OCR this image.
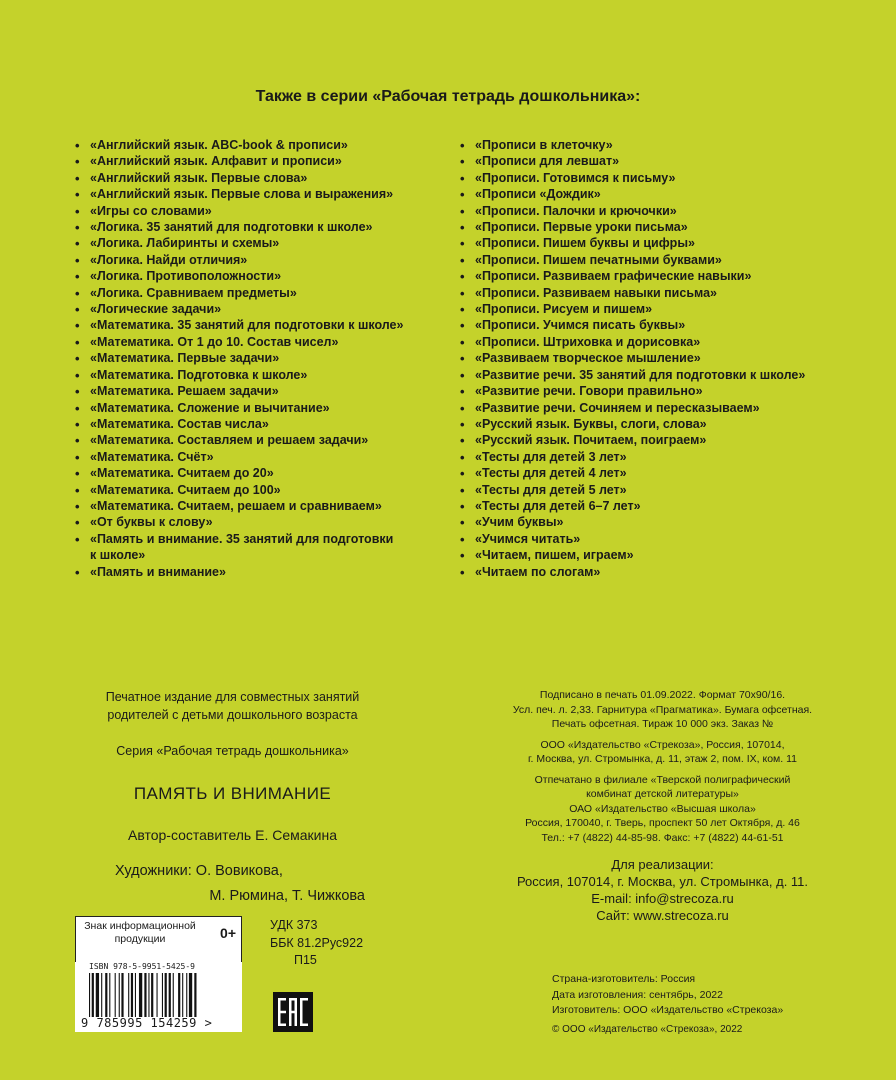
Также в серии «Рабочая тетрадь дошкольника»:
• «Английский язык. ABC-book & прописи»
• «Английский язык. Алфавит и прописи»
• «Английский язык. Первые слова»
• «Английский язык. Первые слова и выражения»
• «Игры со словами»
• «Логика. 35 занятий для подготовки к школе»
• «Логика. Лабиринты и схемы»
• «Логика. Найди отличия»
• «Логика. Противоположности»
• «Логика. Сравниваем предметы»
• «Логические задачи»
• «Математика. 35 занятий для подготовки к школе»
• «Математика. От 1 до 10. Состав чисел»
• «Математика. Первые задачи»
• «Математика. Подготовка к школе»
• «Математика. Решаем задачи»
• «Математика. Сложение и вычитание»
• «Математика. Состав числа»
• «Математика. Составляем и решаем задачи»
• «Математика. Счёт»
• «Математика. Считаем до 20»
• «Математика. Считаем до 100»
• «Математика. Считаем, решаем и сравниваем»
• «От буквы к слову»
• «Память и внимание. 35 занятий для подготовки
к школе»
• «Память и внимание»
• «Прописи в клеточку»
• «Прописи для левшат»
• «Прописи. Готовимся к письму»
• «Прописи «Дождик»
• «Прописи. Палочки и крючочки»
• «Прописи. Первые уроки письма»
• «Прописи. Пишем буквы и цифры»
• «Прописи. Пишем печатными буквами»
• «Прописи. Развиваем графические навыки»
• «Прописи. Развиваем навыки письма»
• «Прописи. Рисуем и пишем»
• «Прописи. Учимся писать буквы»
• «Прописи. Штриховка и дорисовка»
• «Развиваем творческое мышление»
• «Развитие речи. 35 занятий для подготовки к школе»
• «Развитие речи. Говори правильно»
• «Развитие речи. Сочиняем и пересказываем»
• «Русский язык. Буквы, слоги, слова»
• «Русский язык. Почитаем, поиграем»
• «Тесты для детей 3 лет»
• «Тесты для детей 4 лет»
• «Тесты для детей 5 лет»
• «Тесты для детей 6–7 лет»
• «Учим буквы»
• «Учимся читать»
• «Читаем, пишем, играем»
• «Читаем по слогам»
Печатное издание для совместных занятий
родителей с детьми дошкольного возраста
Серия «Рабочая тетрадь дошкольника»
ПАМЯТЬ И ВНИМАНИЕ
Автор-составитель Е. Семакина
Художники: О. Вовикова,
М. Рюмина, Т. Чижкова
Знак информационной продукции	0+
ISBN 978-5-9951-5425-9
9 785995 154259 >
УДК 373
ББК 81.2Рус922
П15

Подписано в печать 01.09.2022. Формат 70х90/16.
Усл. печ. л. 2,33. Гарнитура «Прагматика». Бумага офсетная.
Печать офсетная. Тираж 10 000 экз. Заказ №

ООО «Издательство «Стрекоза», Россия, 107014,
г. Москва, ул. Стромынка, д. 11, этаж 2, пом. IX, ком. 11

Отпечатано в филиале «Тверской полиграфический
комбинат детской литературы»
ОАО «Издательство «Высшая школа»
Россия, 170040, г. Тверь, проспект 50 лет Октября, д. 46
Тел.: +7 (4822) 44-85-98. Факс: +7 (4822) 44-61-51

Для реализации:
Россия, 107014, г. Москва, ул. Стромынка, д. 11.
E-mail: info@strecoza.ru
Сайт: www.strecoza.ru
Страна-изготовитель: Россия
Дата изготовления: сентябрь, 2022
Изготовитель: ООО «Издательство «Стрекоза»
© ООО «Издательство «Стрекоза», 2022
